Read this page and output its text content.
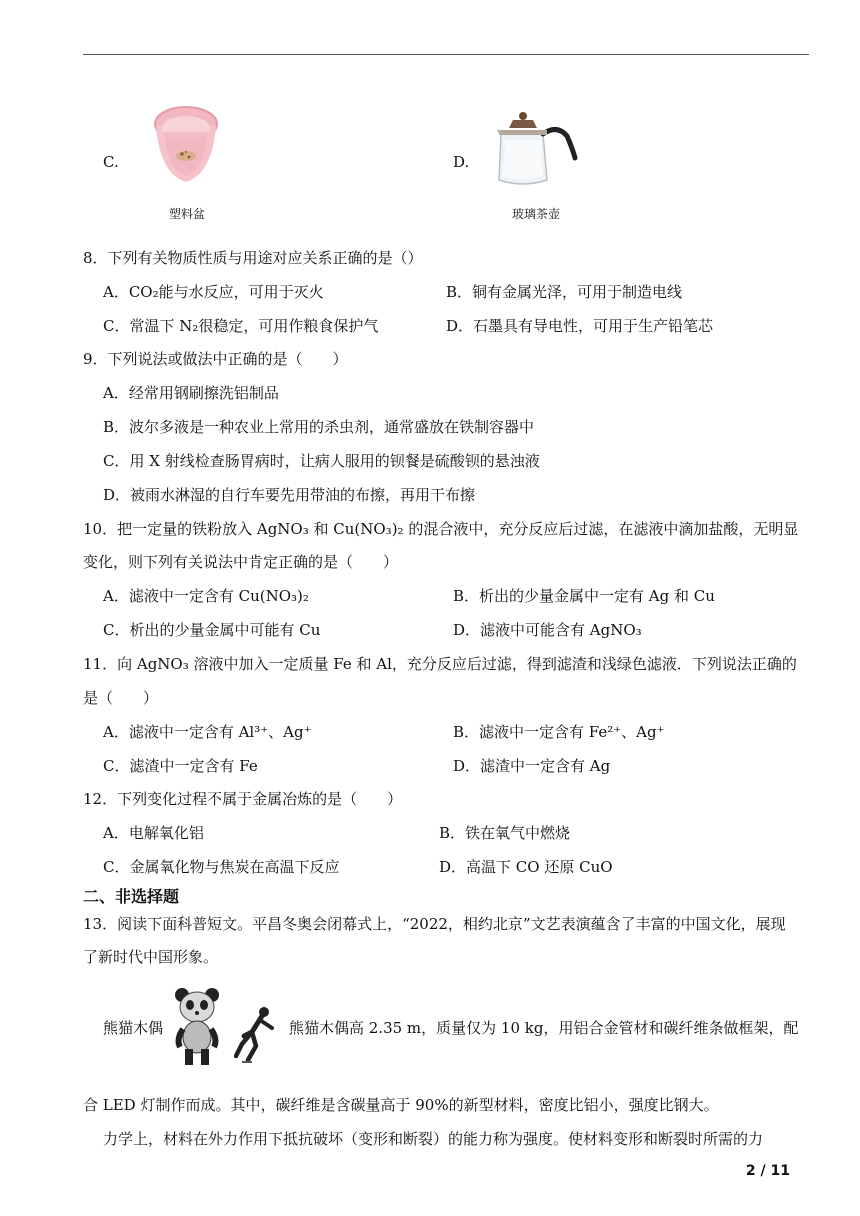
C.
塑料盆
D.
玻璃茶壶
8．下列有关物质性质与用途对应关系正确的是（）
A．CO₂能与水反应，可用于灭火	B．铜有金属光泽，可用于制造电线
C．常温下 N₂很稳定，可用作粮食保护气	D．石墨具有导电性，可用于生产铅笔芯
9．下列说法或做法中正确的是（　　）
A．经常用钢刷擦洗铝制品
B．波尔多液是一种农业上常用的杀虫剂，通常盛放在铁制容器中
C．用 X 射线检查肠胃病时，让病人服用的钡餐是硫酸钡的悬浊液
D．被雨水淋湿的自行车要先用带油的布擦，再用干布擦
10．把一定量的铁粉放入 AgNO₃ 和 Cu(NO₃)₂ 的混合液中，充分反应后过滤，在滤液中滴加盐酸，无明显
变化，则下列有关说法中肯定正确的是（　　）
A．滤液中一定含有 Cu(NO₃)₂	B．析出的少量金属中一定有 Ag 和 Cu
C．析出的少量金属中可能有 Cu	D．滤液中可能含有 AgNO₃
11．向 AgNO₃ 溶液中加入一定质量 Fe 和 Al，充分反应后过滤，得到滤渣和浅绿色滤液．下列说法正确的
是（　　）
A．滤液中一定含有 Al³⁺、Ag⁺	B．滤液中一定含有 Fe²⁺、Ag⁺
C．滤渣中一定含有 Fe	D．滤渣中一定含有 Ag
12．下列变化过程不属于金属冶炼的是（　　）
A．电解氧化铝	B．铁在氧气中燃烧
C．金属氧化物与焦炭在高温下反应	D．高温下 CO 还原 CuO
二、非选择题
13．阅读下面科普短文。平昌冬奥会闭幕式上，“2022，相约北京”文艺表演蕴含了丰富的中国文化，展现
了新时代中国形象。
熊猫木偶	熊猫木偶高 2.35 m，质量仅为 10 kg，用铝合金管材和碳纤维条做框架，配
合 LED 灯制作而成。其中，碳纤维是含碳量高于 90%的新型材料，密度比铝小，强度比钢大。
力学上，材料在外力作用下抵抗破坏（变形和断裂）的能力称为强度。使材料变形和断裂时所需的力
2 / 11
